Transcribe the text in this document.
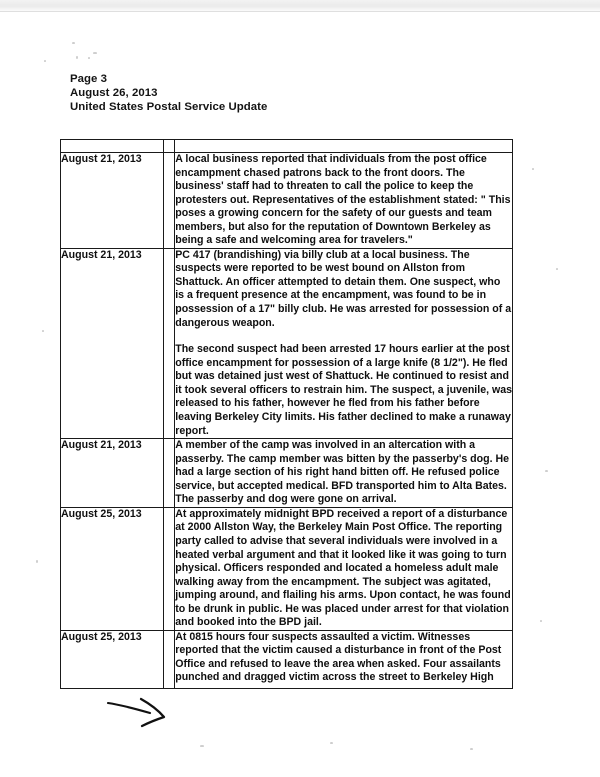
Page 3
August 26, 2013
United States Postal Service Update

August 21, 2013		A local business reported that individuals from the post office encampment chased patrons back to the front doors. The business' staff had to threaten to call the police to keep the protesters out. Representatives of the establishment stated: " This poses a growing concern for the safety of our guests and team members, but also for the reputation of Downtown Berkeley as being a safe and welcoming area for travelers."

August 21, 2013		PC 417 (brandishing) via billy club at a local business. The suspects were reported to be west bound on Allston from Shattuck. An officer attempted to detain them. One suspect, who is a frequent presence at the encampment, was found to be in possession of a 17" billy club. He was arrested for possession of a dangerous weapon.

The second suspect had been arrested 17 hours earlier at the post office encampment for possession of a large knife (8 1/2"). He fled but was detained just west of Shattuck. He continued to resist and it took several officers to restrain him. The suspect, a juvenile, was released to his father, however he fled from his father before leaving Berkeley City limits. His father declined to make a runaway report.

August 21, 2013		A member of the camp was involved in an altercation with a passerby. The camp member was bitten by the passerby's dog. He had a large section of his right hand bitten off. He refused police service, but accepted medical. BFD transported him to Alta Bates. The passerby and dog were gone on arrival.

August 25, 2013		At approximately midnight BPD received a report of a disturbance at 2000 Allston Way, the Berkeley Main Post Office. The reporting party called to advise that several individuals were involved in a heated verbal argument and that it looked like it was going to turn physical. Officers responded and located a homeless adult male walking away from the encampment. The subject was agitated, jumping around, and flailing his arms. Upon contact, he was found to be drunk in public. He was placed under arrest for that violation and booked into the BPD jail.

August 25, 2013		At 0815 hours four suspects assaulted a victim. Witnesses reported that the victim caused a disturbance in front of the Post Office and refused to leave the area when asked. Four assailants punched and dragged victim across the street to Berkeley High
